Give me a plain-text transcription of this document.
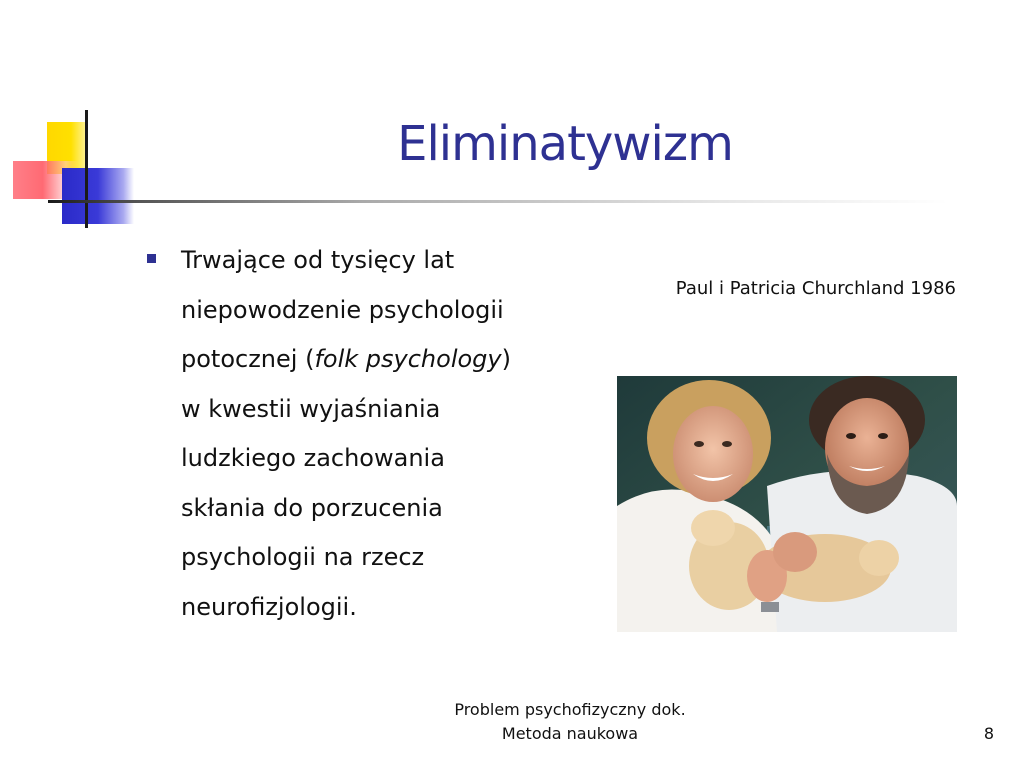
Eliminatywizm
Trwające od tysięcy lat
niepowodzenie psychologii
potocznej (folk psychology)
w kwestii wyjaśniania
ludzkiego zachowania
skłania do porzucenia
psychologii na rzecz
neurofizjologii.
Paul i Patricia Churchland 1986
Problem psychofizyczny dok.
Metoda naukowa	8
